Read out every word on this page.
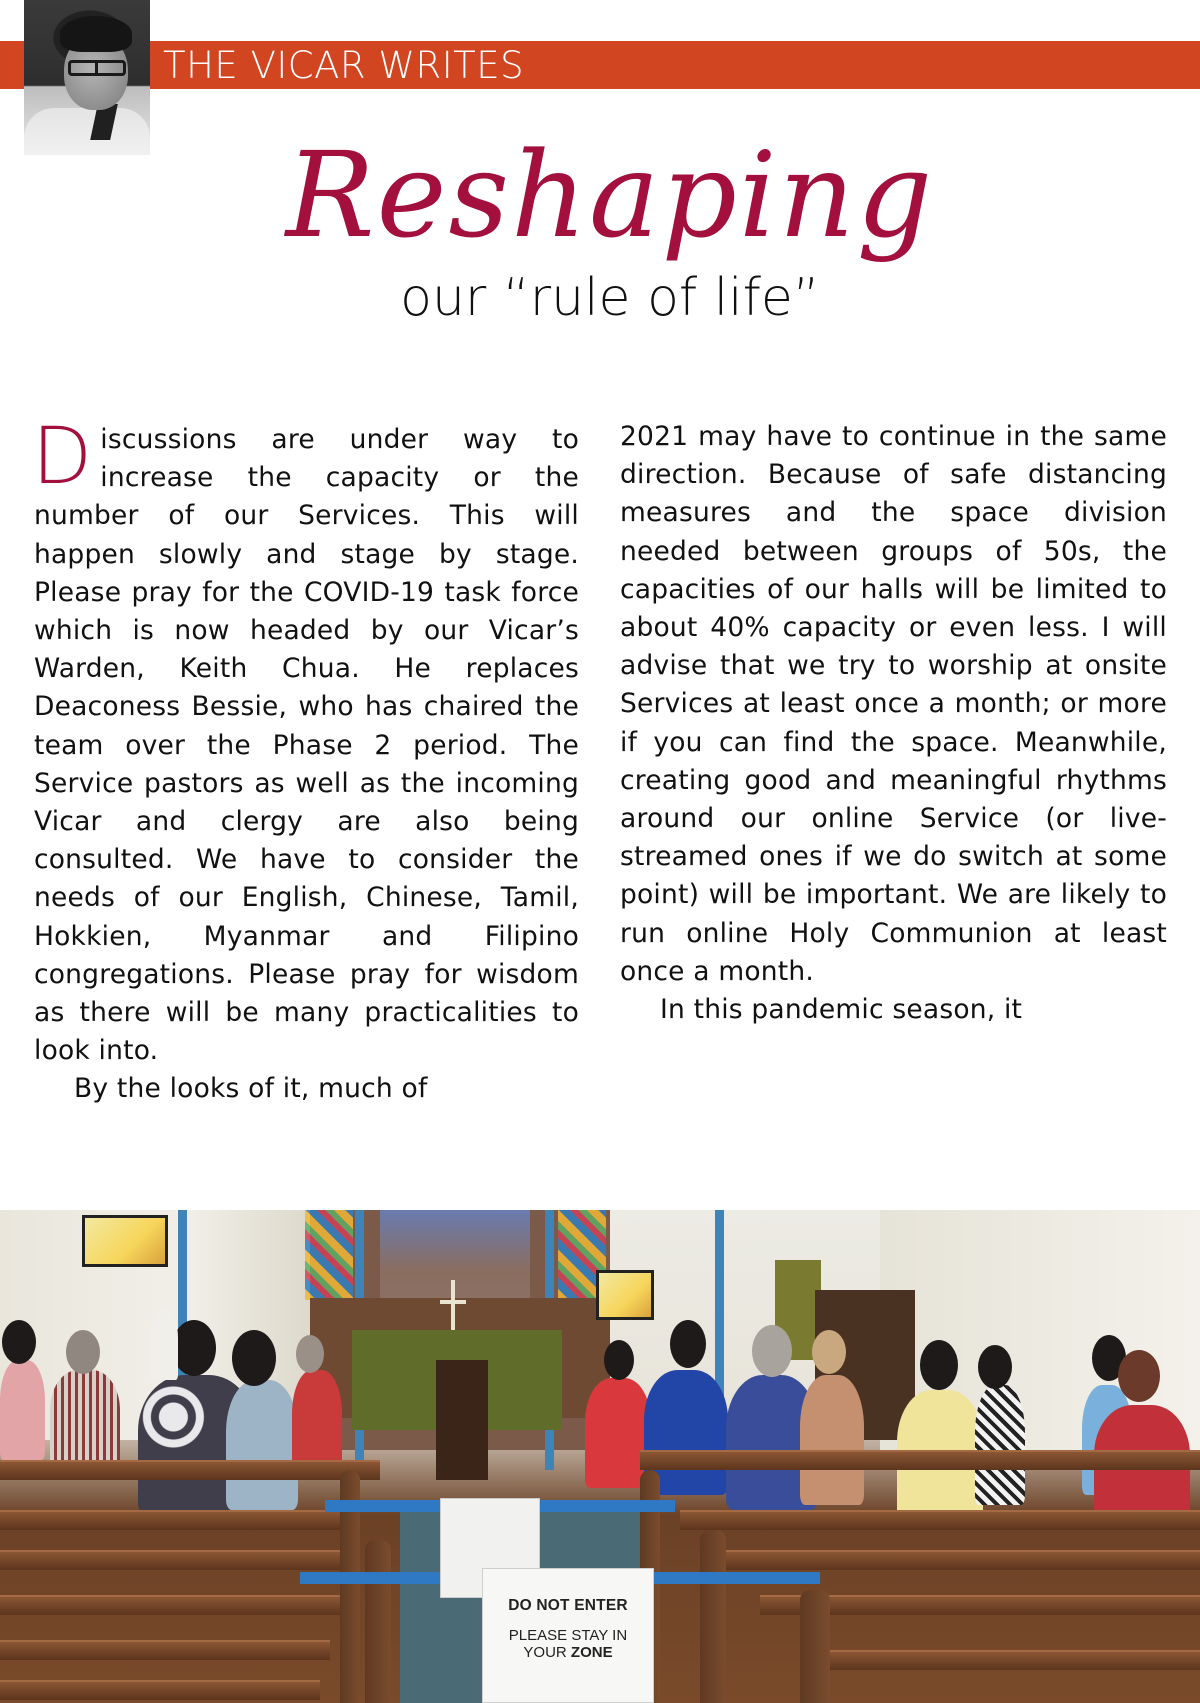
THE VICAR WRITES
Reshaping
our “rule of life”

Discussions are under way to increase the capacity or the number of our Services. This will happen slowly and stage by stage. Please pray for the COVID-19 task force which is now headed by our Vicar’s Warden, Keith Chua. He replaces Deaconess Bessie, who has chaired the team over the Phase 2 period. The Service pastors as well as the incoming Vicar and clergy are also being consulted. We have to consider the needs of our English, Chinese, Tamil, Hokkien, Myanmar and Filipino congregations. Please pray for wisdom as there will be many practicalities to look into.

By the looks of it, much of

2021 may have to continue in the same direction. Because of safe distancing measures and the space division needed between groups of 50s, the capacities of our halls will be limited to about 40% capacity or even less. I will advise that we try to worship at onsite Services at least once a month; or more if you can find the space. Meanwhile, creating good and meaningful rhythms around our online Service (or live-streamed ones if we do switch at some point) will be important. We are likely to run online Holy Communion at least once a month.

In this pandemic season, it

DO NOT ENTER
PLEASE STAY IN
YOUR ZONE
